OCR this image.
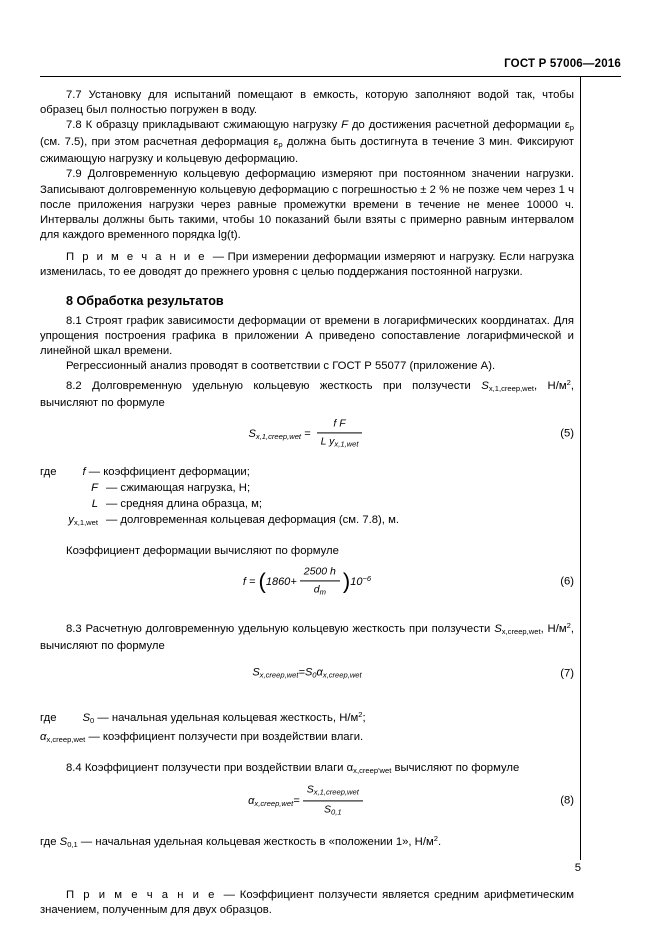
ГОСТ Р 57006—2016

7.7 Установку для испытаний помещают в емкость, которую заполняют водой так, чтобы образец был полностью погружен в воду.

7.8 К образцу прикладывают сжимающую нагрузку F до достижения расчетной деформации $\varepsilon_p$ (см. 7.5), при этом расчетная деформация $\varepsilon_p$ должна быть достигнута в течение 3 мин. Фиксируют сжимающую нагрузку и кольцевую деформацию.

7.9 Долговременную кольцевую деформацию измеряют при постоянном значении нагрузки. Записывают долговременную кольцевую деформацию с погрешностью ± 2 % не позже чем через 1 ч после приложения нагрузки через равные промежутки времени в течение не менее 10000 ч. Интервалы должны быть такими, чтобы 10 показаний были взяты с примерно равным интервалом для каждого временного порядка lg(t).

П р и м е ч а н и е — При измерении деформации измеряют и нагрузку. Если нагрузка изменилась, то ее доводят до прежнего уровня с целью поддержания постоянной нагрузки.

8 Обработка результатов

8.1 Строят график зависимости деформации от времени в логарифмических координатах. Для упрощения построения графика в приложении А приведено сопоставление логарифмической и линейной шкал времени.

Регрессионный анализ проводят в соответствии с ГОСТ Р 55077 (приложение А).

8.2 Долговременную удельную кольцевую жесткость при ползучести $S_{x,1,creep,wet}$, $Н/м^2$, вычисляют по формуле

$S_{x,1,creep,wet} = \frac{\text{f F}}{L y_{x,1,wet}}$	(5)
где f — коэффициент деформации;
F — сжимающая нагрузка, Н;
L — средняя длина образца, м;
$y_{x,1,wet}$ — долговременная кольцевая деформация (см. 7.8), м.

Коэффициент деформации вычисляют по формуле

$f = (1860+ \frac{2500 h}{d_m} )10^{-6}$	(6)

8.3 Расчетную долговременную удельную кольцевую жесткость при ползучести $S_{x,creep,wet}$, $Н/м^2$, вычисляют по формуле

$S_{x,creep,wet}=S_0\alpha_{x,creep,wet}$	(7)
где $S_0$ — начальная удельная кольцевая жесткость, $Н/м^2$;
$\alpha_{x,creep,wet}$ — коэффициент ползучести при воздействии влаги.

8.4 Коэффициент ползучести при воздействии влаги $\alpha_{x,creep'wet}$ вычисляют по формуле

$\alpha_{x,creep,wet}= \frac{S_{x,1,creep,wet}}{S_{0,1}}$	(8)

где $S_{0,1}$ — начальная удельная кольцевая жесткость в «положении 1», $Н/м^2$.

П р и м е ч а н и е — Коэффициент ползучести является средним арифметическим значением, полученным для двух образцов.

5
